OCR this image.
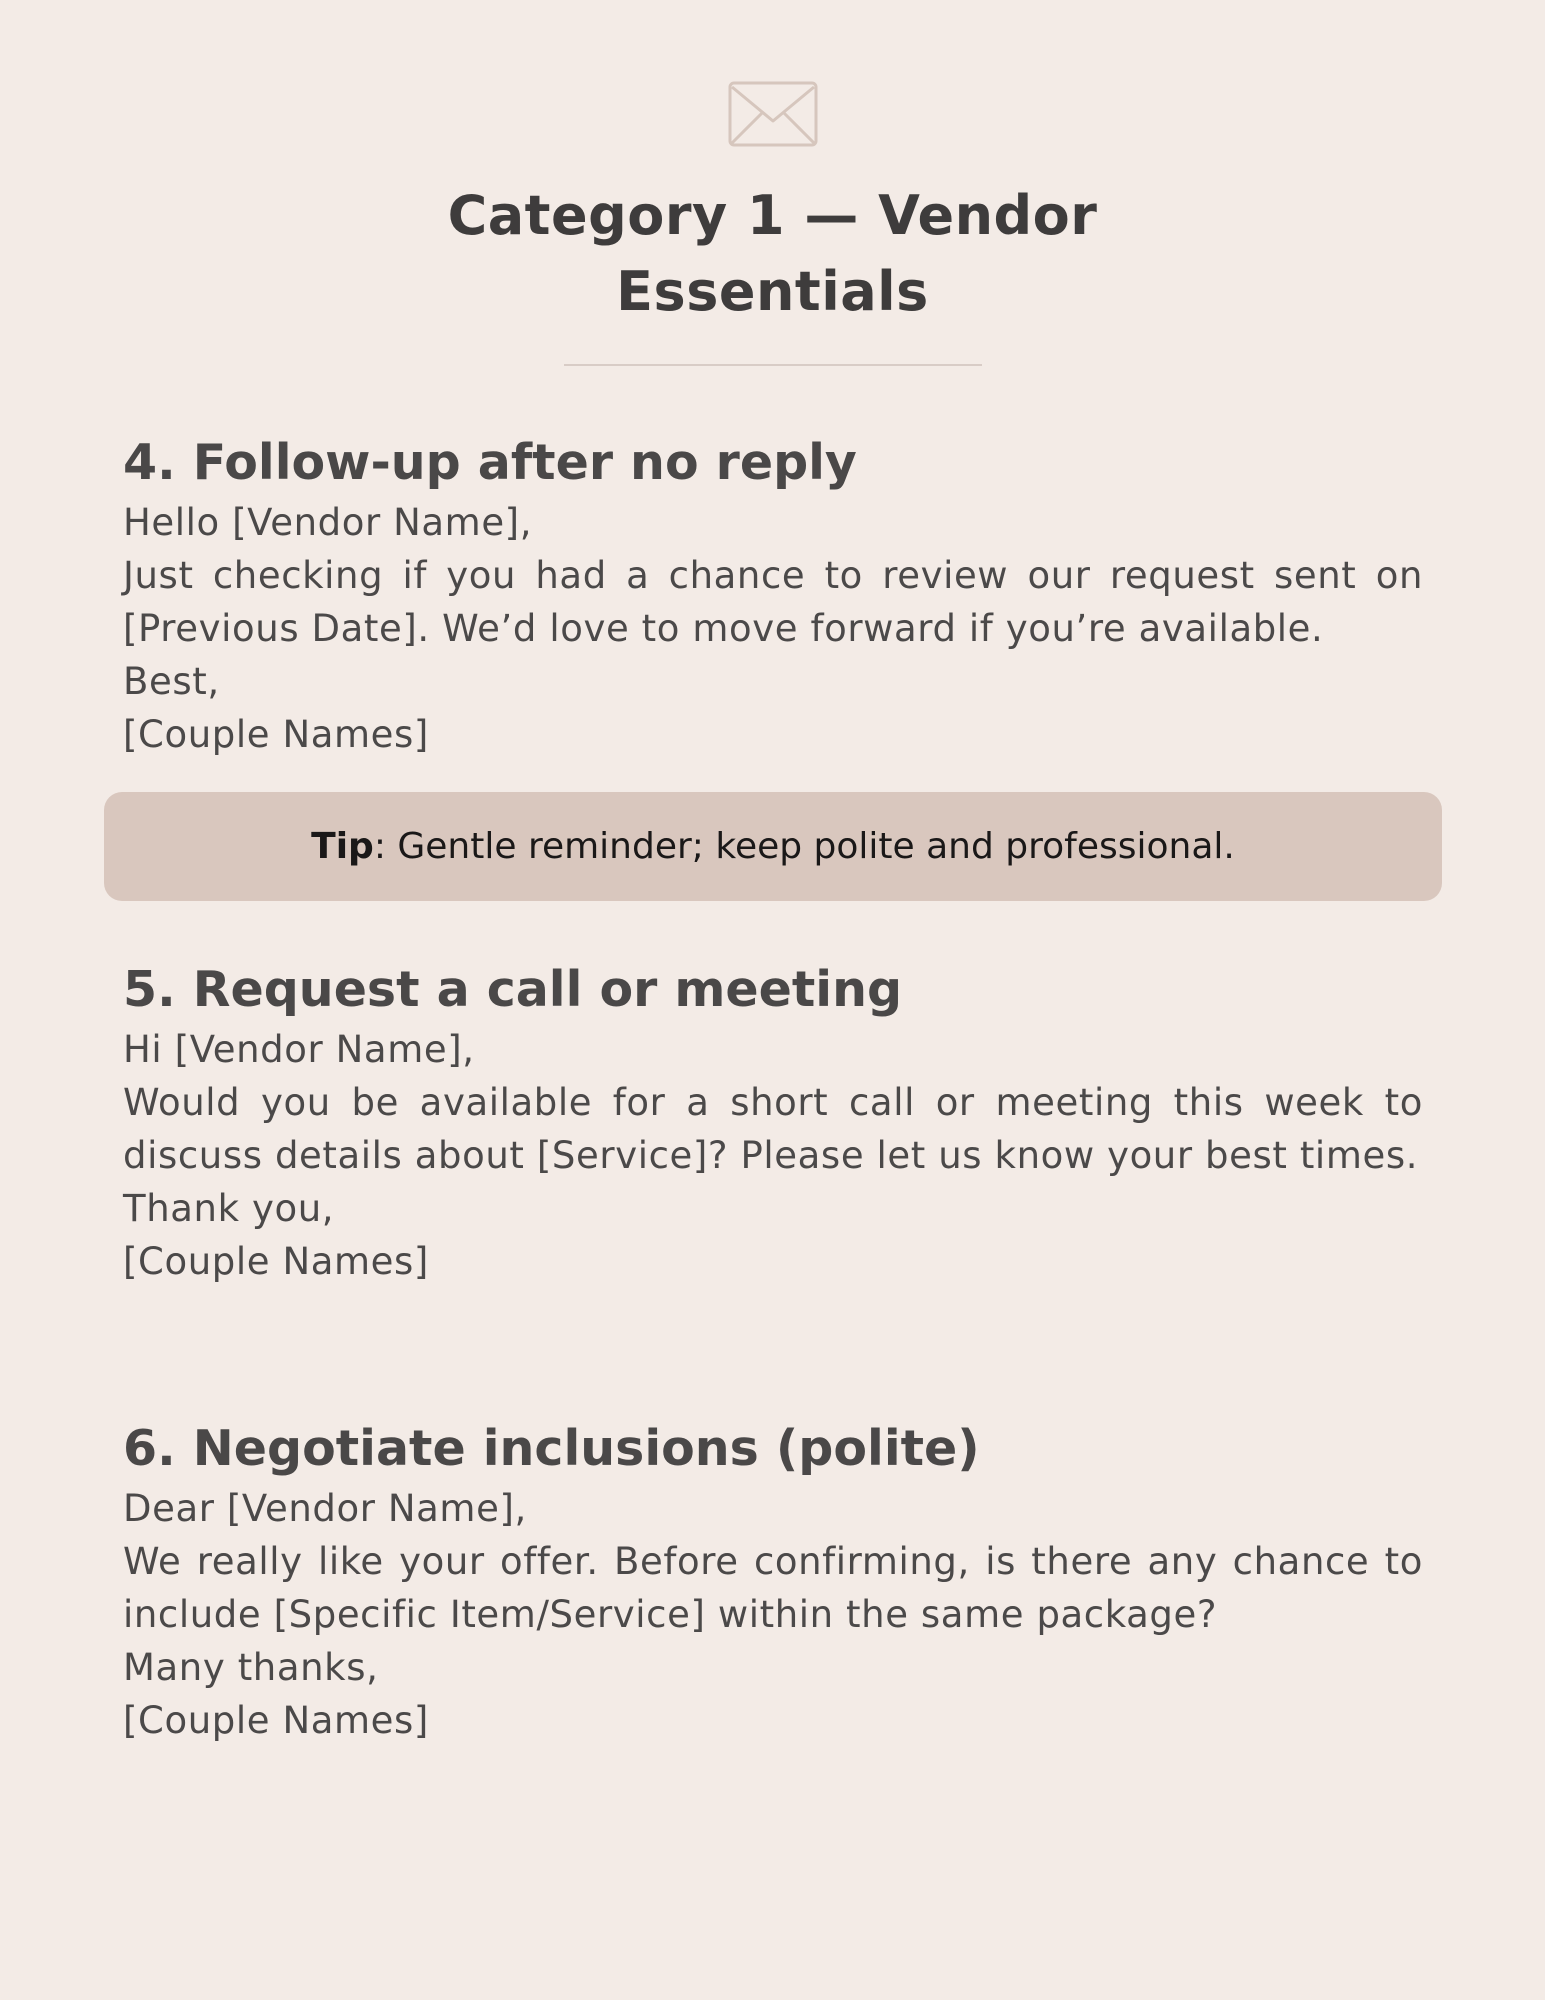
Category 1 — Vendor
Essentials
4. Follow-up after no reply
Hello [Vendor Name],
Just checking if you had a chance to review our request sent on [Previous Date]. We’d love to move forward if you’re available.
Best,
[Couple Names]
Tip: Gentle reminder; keep polite and professional.
5. Request a call or meeting
Hi [Vendor Name],
Would you be available for a short call or meeting this week to discuss details about [Service]? Please let us know your best times.
Thank you,
[Couple Names]
6. Negotiate inclusions (polite)
Dear [Vendor Name],
We really like your offer. Before confirming, is there any chance to include [Specific Item/Service] within the same package?
Many thanks,
[Couple Names]
